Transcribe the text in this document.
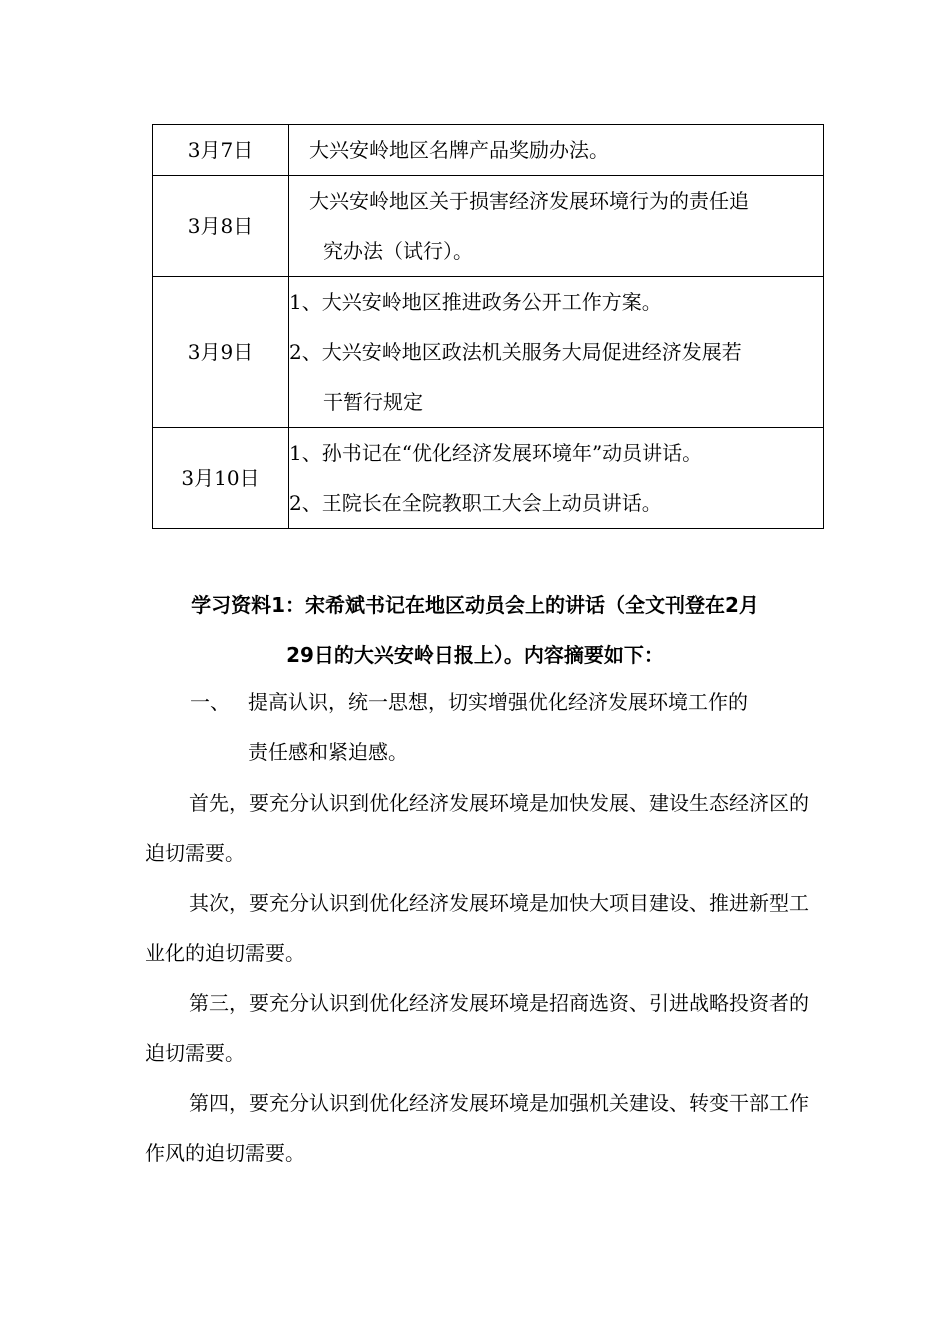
3月7日	大兴安岭地区名牌产品奖励办法。

3月8日	大兴安岭地区关于损害经济发展环境行为的责任追
究办法（试行）。

3月9日	1、大兴安岭地区推进政务公开工作方案。
2、大兴安岭地区政法机关服务大局促进经济发展若
干暂行规定

3月10日	1、孙书记在“优化经济发展环境年”动员讲话。
2、王院长在全院教职工大会上动员讲话。
学习资料1：宋希斌书记在地区动员会上的讲话（全文刊登在2月
29日的大兴安岭日报上）。内容摘要如下：
一、 提高认识，统一思想，切实增强优化经济发展环境工作的
责任感和紧迫感。
首先，要充分认识到优化经济发展环境是加快发展、建设生态经济区的迫切需要。
其次，要充分认识到优化经济发展环境是加快大项目建设、推进新型工业化的迫切需要。
第三，要充分认识到优化经济发展环境是招商选资、引进战略投资者的迫切需要。
第四，要充分认识到优化经济发展环境是加强机关建设、转变干部工作作风的迫切需要。
